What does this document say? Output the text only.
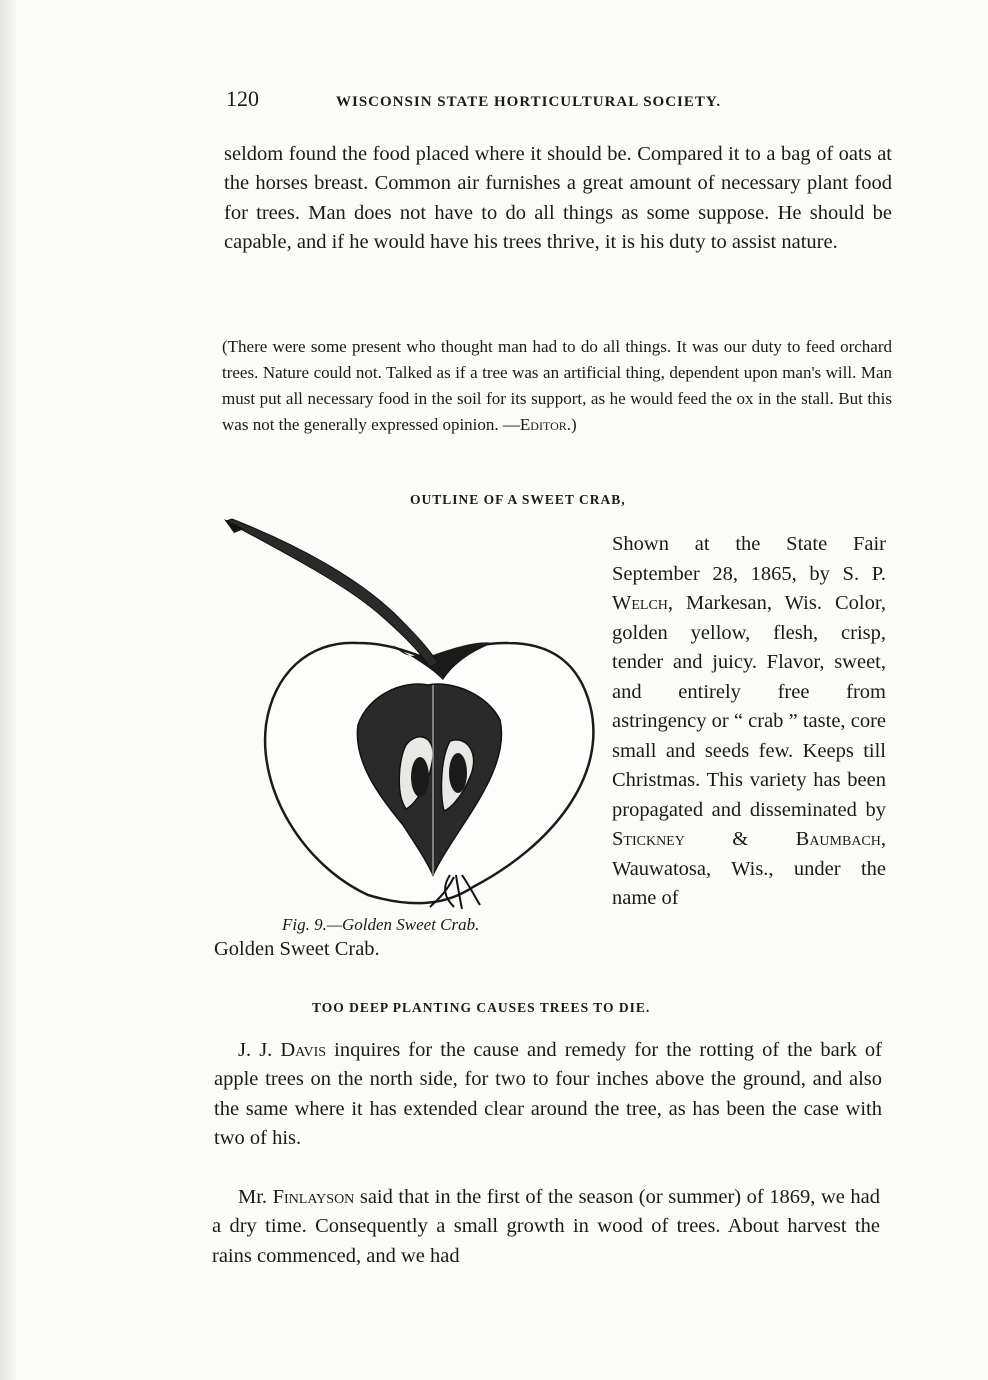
120	WISCONSIN STATE HORTICULTURAL SOCIETY.

seldom found the food placed where it should be. Compared it to a bag of oats at the horses breast. Common air furnishes a great amount of necessary plant food for trees. Man does not have to do all things as some suppose. He should be capable, and if he would have his trees thrive, it is his duty to assist nature.

(There were some present who thought man had to do all things. It was our duty to feed orchard trees. Nature could not. Talked as if a tree was an artificial thing, dependent upon man's will. Man must put all necessary food in the soil for its support, as he would feed the ox in the stall. But this was not the generally expressed opinion. —Editor.)

OUTLINE OF A SWEET CRAB,
Fig. 9.—Golden Sweet Crab.

Shown at the State Fair September 28, 1865, by S. P. Welch, Markesan, Wis. Color, golden yellow, flesh, crisp, tender and juicy. Flavor, sweet, and entirely free from astringency or “ crab ” taste, core small and seeds few. Keeps till Christmas. This variety has been propagated and disseminated by Stickney & Baumbach, Wauwatosa, Wis., under the name of

Golden Sweet Crab.
TOO DEEP PLANTING CAUSES TREES TO DIE.

J. J. Davis inquires for the cause and remedy for the rotting of the bark of apple trees on the north side, for two to four inches above the ground, and also the same where it has extended clear around the tree, as has been the case with two of his.

Mr. Finlayson said that in the first of the season (or summer) of 1869, we had a dry time. Consequently a small growth in wood of trees. About harvest the rains commenced, and we had
